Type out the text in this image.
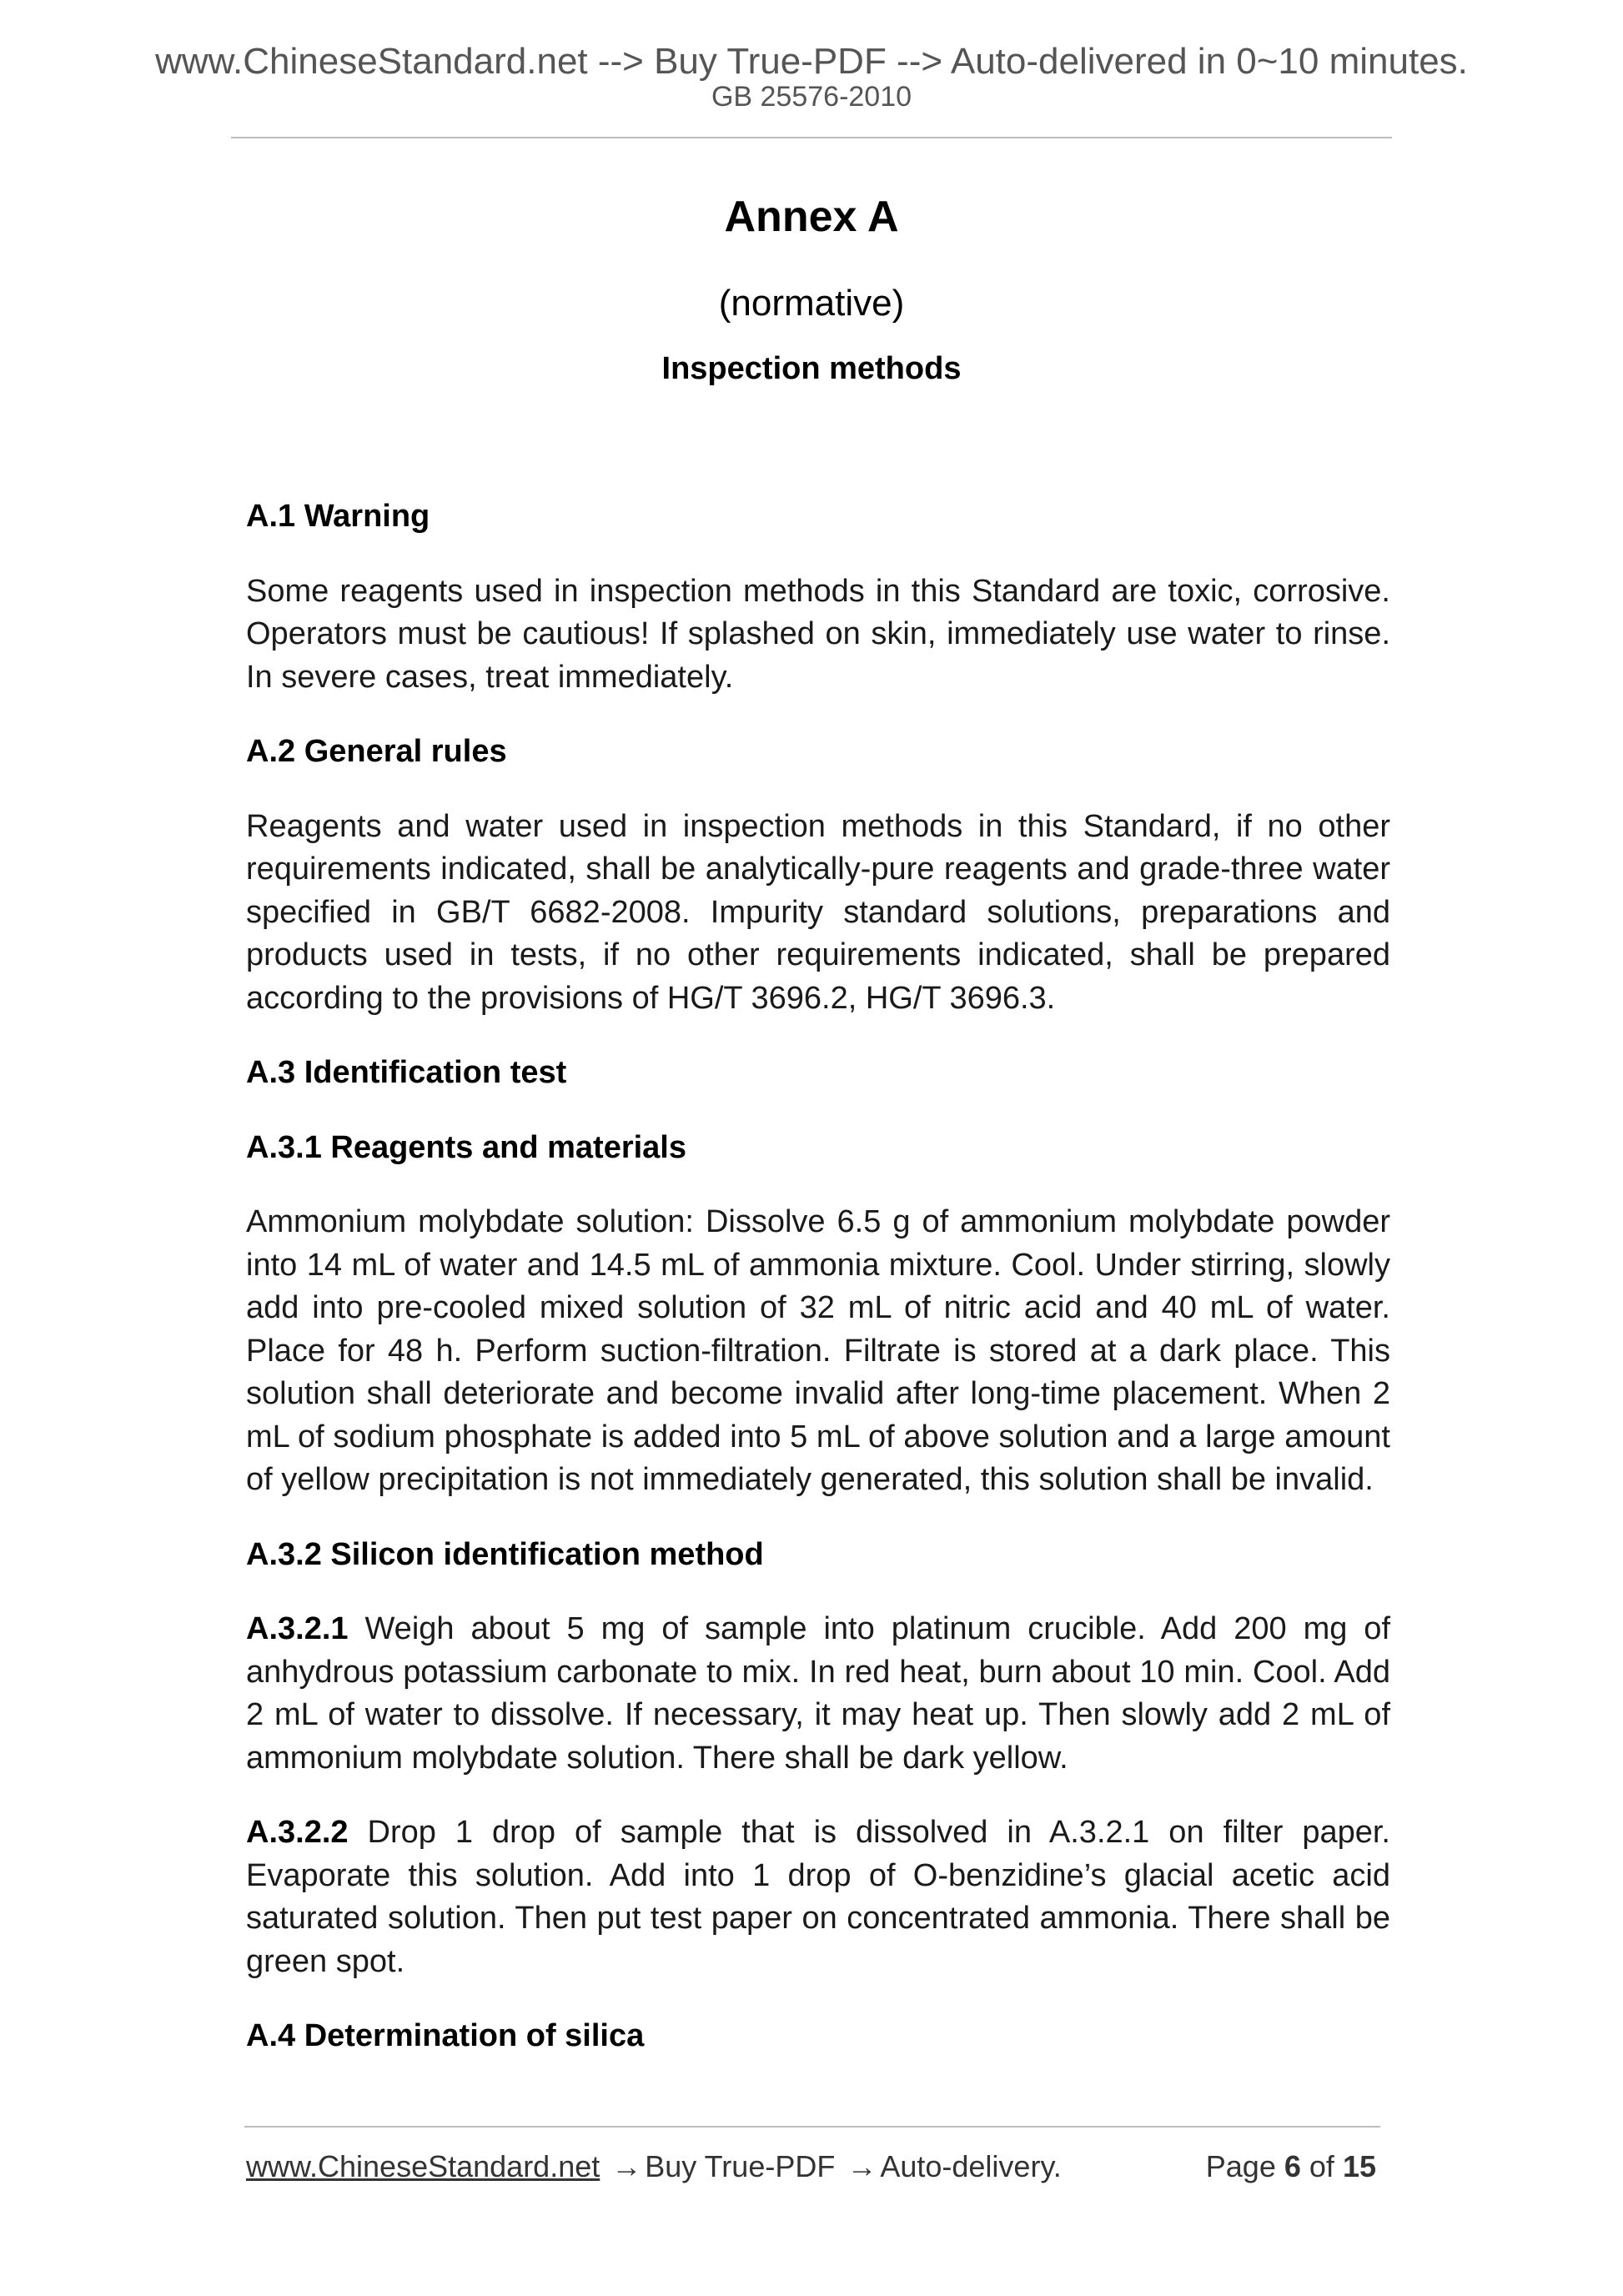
www.ChineseStandard.net --> Buy True-PDF --> Auto-delivered in 0~10 minutes.
GB 25576-2010
Annex A
(normative)
Inspection methods
A.1 Warning

Some reagents used in inspection methods in this Standard are toxic, corrosive. Operators must be cautious! If splashed on skin, immediately use water to rinse. In severe cases, treat immediately.

A.2 General rules

Reagents and water used in inspection methods in this Standard, if no other requirements indicated, shall be analytically-pure reagents and grade-three water specified in GB/T 6682-2008. Impurity standard solutions, preparations and products used in tests, if no other requirements indicated, shall be prepared according to the provisions of HG/T 3696.2, HG/T 3696.3.

A.3 Identification test
A.3.1 Reagents and materials

Ammonium molybdate solution: Dissolve 6.5 g of ammonium molybdate powder into 14 mL of water and 14.5 mL of ammonia mixture. Cool. Under stirring, slowly add into pre-cooled mixed solution of 32 mL of nitric acid and 40 mL of water. Place for 48 h. Perform suction-filtration. Filtrate is stored at a dark place. This solution shall deteriorate and become invalid after long-time placement. When 2 mL of sodium phosphate is added into 5 mL of above solution and a large amount of yellow precipitation is not immediately generated, this solution shall be invalid.

A.3.2 Silicon identification method

A.3.2.1 Weigh about 5 mg of sample into platinum crucible. Add 200 mg of anhydrous potassium carbonate to mix. In red heat, burn about 10 min. Cool. Add 2 mL of water to dissolve. If necessary, it may heat up. Then slowly add 2 mL of ammonium molybdate solution. There shall be dark yellow.

A.3.2.2 Drop 1 drop of sample that is dissolved in A.3.2.1 on filter paper. Evaporate this solution. Add into 1 drop of O-benzidine’s glacial acetic acid saturated solution. Then put test paper on concentrated ammonia. There shall be green spot.

A.4 Determination of silica
www.ChineseStandard.net → Buy True-PDF → Auto-delivery.	Page 6 of 15
